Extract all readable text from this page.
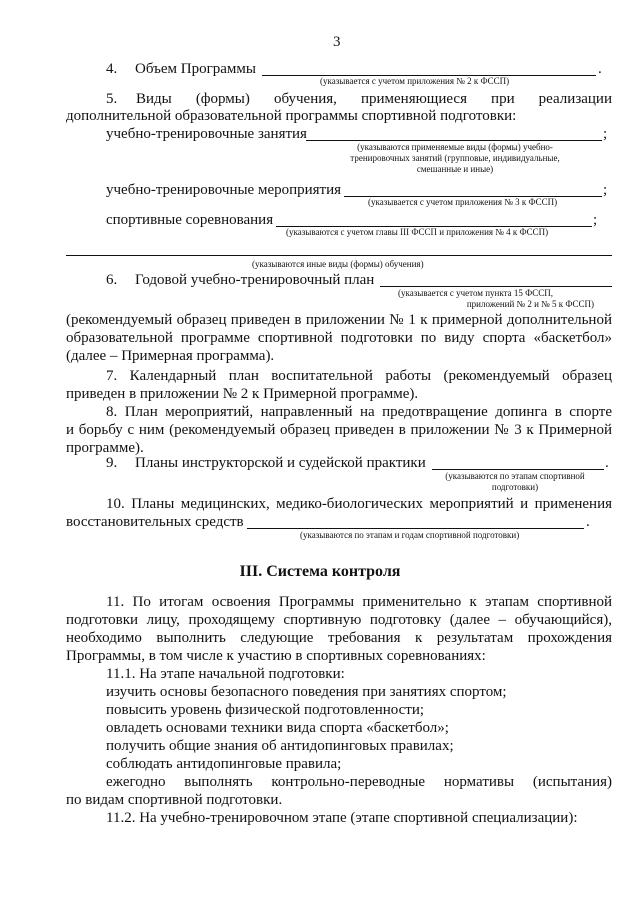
3
4. Объем Программы	.
(указывается с учетом приложения № 2 к ФССП)
5. Виды (формы) обучения, применяющиеся при реализации
дополнительной образовательной программы спортивной подготовки:
учебно-тренировочные занятия	;
(указываются применяемые виды (формы) учебно-
тренировочных занятий (групповые, индивидуальные,
смешанные и иные)
учебно-тренировочные мероприятия	;
(указывается с учетом приложения № 3 к ФССП)
спортивные соревнования	;
(указываются с учетом главы III ФССП и приложения № 4 к ФССП)
(указываются иные виды (формы) обучения)
6. Годовой учебно-тренировочный план
(указывается с учетом пункта 15 ФССП,
приложений № 2 и № 5 к ФССП)
(рекомендуемый образец приведен в приложении № 1 к примерной дополнительной
образовательной программе спортивной подготовки по виду спорта «баскетбол»
(далее – Примерная программа).
7. Календарный план воспитательной работы (рекомендуемый образец
приведен в приложении № 2 к Примерной программе).
8. План мероприятий, направленный на предотвращение допинга в спорте
и борьбу с ним (рекомендуемый образец приведен в приложении № 3 к Примерной
программе).
9. Планы инструкторской и судейской практики	.
(указываются по этапам спортивной
подготовки)
10. Планы медицинских, медико-биологических мероприятий и применения
восстановительных средств	.
(указываются по этапам и годам спортивной подготовки)
III. Система контроля
11. По итогам освоения Программы применительно к этапам спортивной
подготовки лицу, проходящему спортивную подготовку (далее – обучающийся),
необходимо выполнить следующие требования к результатам прохождения
Программы, в том числе к участию в спортивных соревнованиях:
11.1. На этапе начальной подготовки:
изучить основы безопасного поведения при занятиях спортом;
повысить уровень физической подготовленности;
овладеть основами техники вида спорта «баскетбол»;
получить общие знания об антидопинговых правилах;
соблюдать антидопинговые правила;
ежегодно выполнять контрольно-переводные нормативы (испытания)
по видам спортивной подготовки.
11.2. На учебно-тренировочном этапе (этапе спортивной специализации):
